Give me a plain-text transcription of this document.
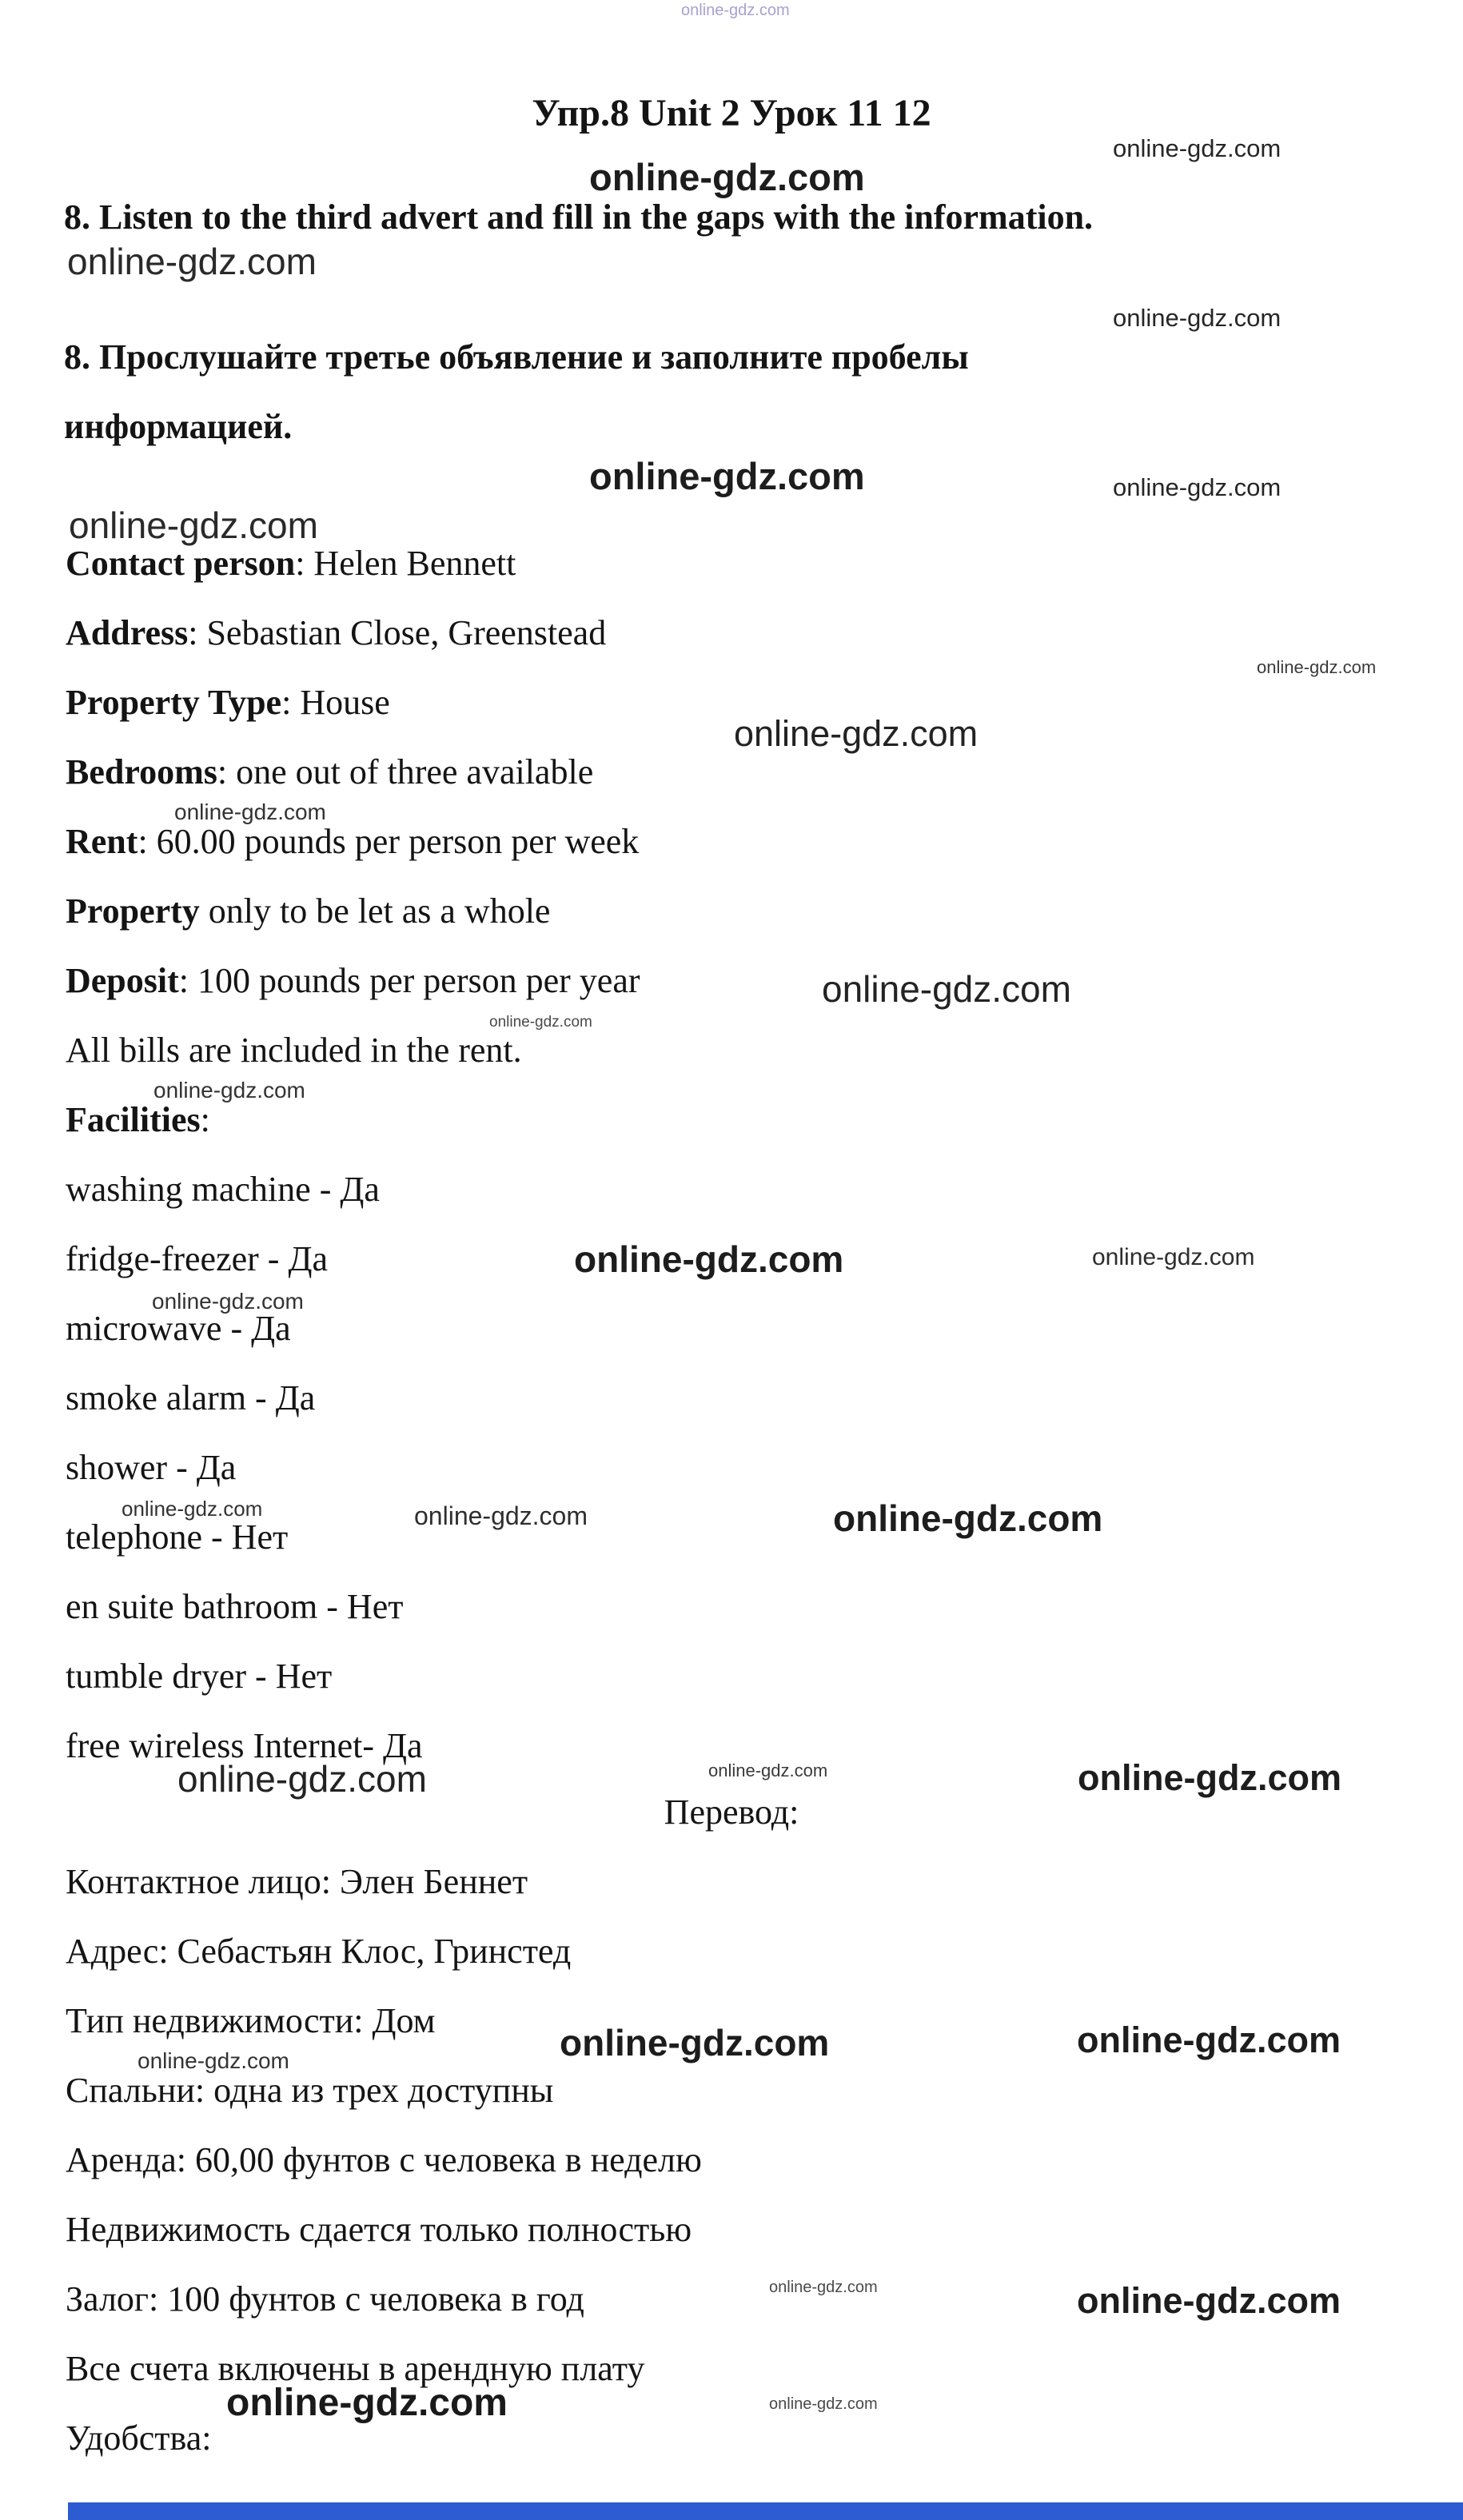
online-gdz.com
online-gdz.com
online-gdz.com
online-gdz.com
online-gdz.com
online-gdz.com	online-gdz.com
online-gdz.com
online-gdz.com
online-gdz.com
online-gdz.com
online-gdz.com
online-gdz.com
online-gdz.com
online-gdz.com	online-gdz.com
online-gdz.com
online-gdz.com	online-gdz.com	online-gdz.com
online-gdz.com	online-gdz.com	online-gdz.com
online-gdz.com	online-gdz.com
online-gdz.com
online-gdz.com	online-gdz.com
online-gdz.com	online-gdz.com
Упр.8 Unit 2 Урок 11 12

8. Listen to the third advert and fill in the gaps with the information.

8. Прослушайте третье объявление и заполните пробелы

информацией.

Contact person: Helen Bennett

Address: Sebastian Close, Greenstead

Property Type: House

Bedrooms: one out of three available

Rent: 60.00 pounds per person per week

Property only to be let as a whole

Deposit: 100 pounds per person per year

All bills are included in the rent.

Facilities:

washing machine - Да

fridge-freezer - Да

microwave - Да

smoke alarm - Да

shower - Да

telephone - Нет

en suite bathroom - Нет

tumble dryer - Нет

free wireless Internet- Да

Перевод:

Контактное лицо: Элен Беннет

Адрес: Себастьян Клос, Гринстед

Тип недвижимости: Дом

Спальни: одна из трех доступны

Аренда: 60,00 фунтов с человека в неделю

Недвижимость сдается только полностью

Залог: 100 фунтов с человека в год

Все счета включены в арендную плату

Удобства:
